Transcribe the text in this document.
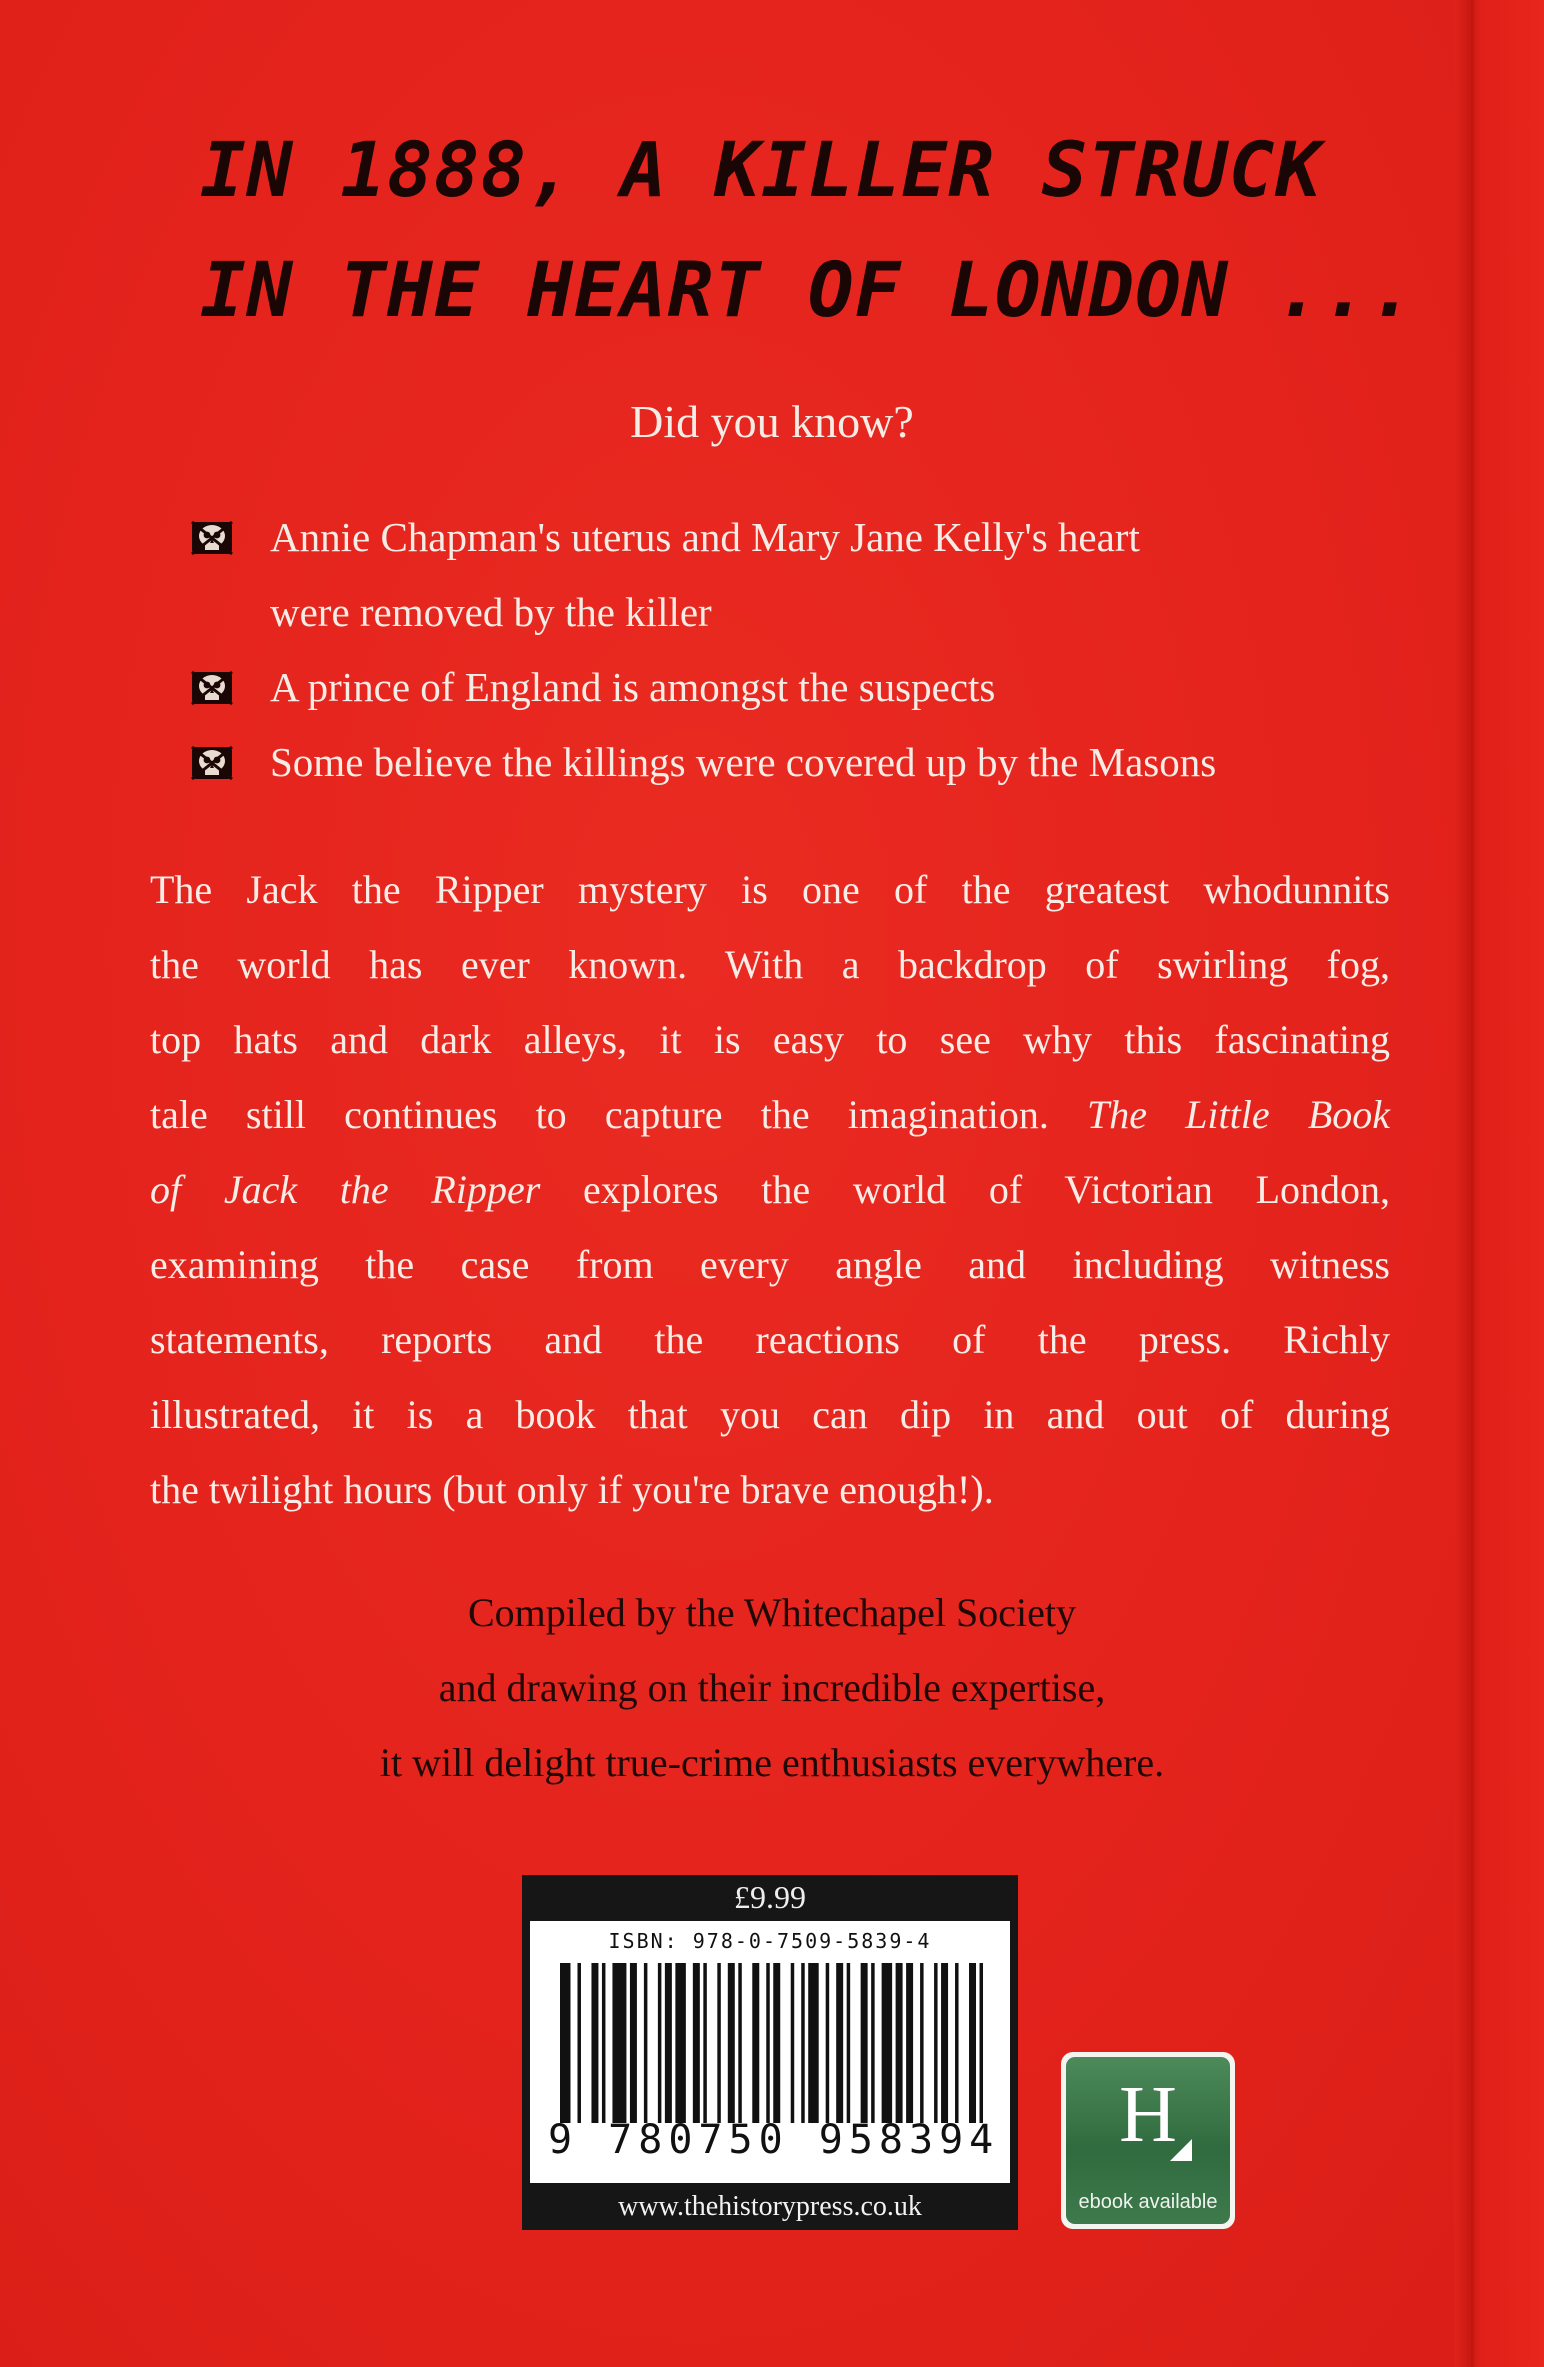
IN 1888, A KILLER STRUCK
IN THE HEART OF LONDON ...
Did you know?
Annie Chapman's uterus and Mary Jane Kelly's heart
were removed by the killer
A prince of England is amongst the suspects
Some believe the killings were covered up by the Masons
The Jack the Ripper mystery is one of the greatest whodunnits
the world has ever known. With a backdrop of swirling fog,
top hats and dark alleys, it is easy to see why this fascinating
tale still continues to capture the imagination. The Little Book
of Jack the Ripper explores the world of Victorian London,
examining the case from every angle and including witness
statements, reports and the reactions of the press. Richly
illustrated, it is a book that you can dip in and out of during
the twilight hours (but only if you're brave enough!).
Compiled by the Whitechapel Society
and drawing on their incredible expertise,
it will delight true-crime enthusiasts everywhere.
£9.99
ISBN: 978-0-7509-5839-4
9 780750 958394
www.thehistorypress.co.uk
H
ebook available
